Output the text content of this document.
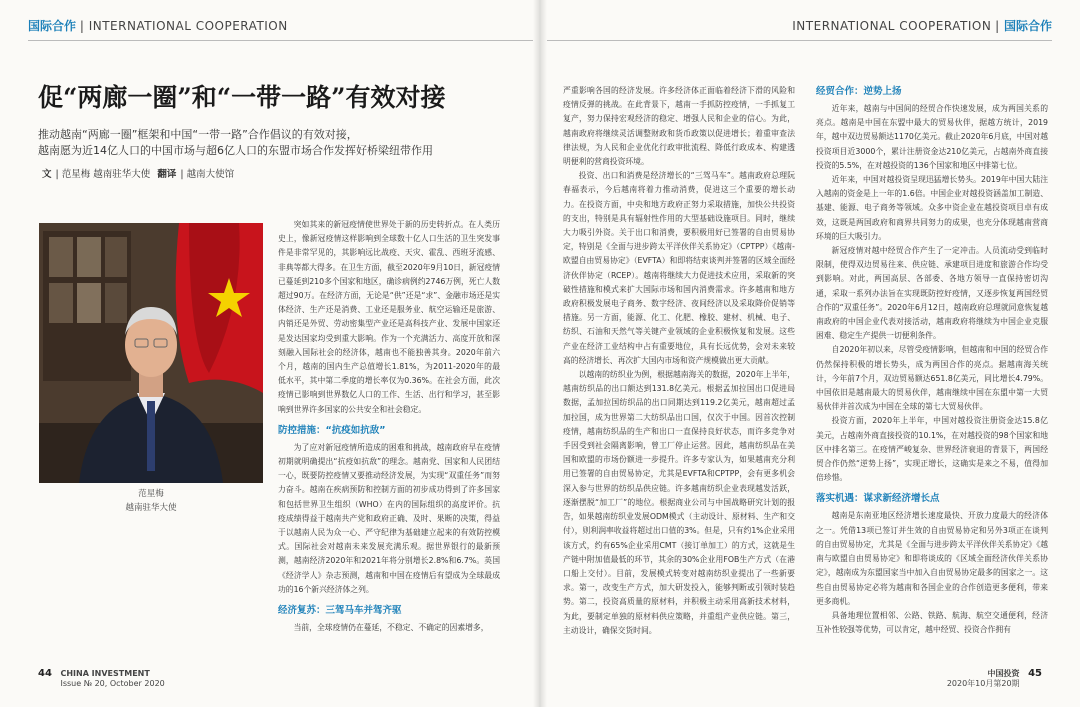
国际合作 | INTERNATIONAL COOPERATION	INTERNATIONAL COOPERATION | 国际合作
促“两廊一圈”和“一带一路”有效对接
推动越南“两廊一圈”框架和中国“一带一路”合作倡议的有效对接，
越南愿为近14亿人口的中国市场与超6亿人口的东盟市场合作发挥好桥梁纽带作用
文 | 范星梅 越南驻华大使 翻译 | 越南大使馆
范星梅
越南驻华大使

突如其来的新冠疫情使世界处于新的历史转折点。在人类历史上，像新冠疫情这样影响到全球数十亿人口生活的卫生突发事件是非常罕见的，其影响远比战疫、天灾、霍乱、西班牙流感、非典等都大得多。在卫生方面，截至2020年9月10日，新冠疫情已蔓延到210多个国家和地区，确诊病例约2746万例，死亡人数超过90万。在经济方面，无论是“供”还是“求”、金融市场还是实体经济、生产还是消费、工业还是服务业、航空运输还是旅游、内销还是外贸、劳动密集型产业还是高科技产业、发展中国家还是发达国家均受到重大影响。作为一个充满活力、高度开放和深刻融入国际社会的经济体，越南也不能独善其身。2020年前六个月，越南的国内生产总值增长1.81%，为2011-2020年的最低水平，其中第二季度的增长率仅为0.36%。在社会方面，此次疫情已影响到世界数亿人口的工作、生活、出行和学习，甚至影响到世界许多国家的公共安全和社会稳定。

防控措施：“抗疫如抗敌”

为了应对新冠疫情所造成的困难和挑战，越南政府早在疫情初期就明确提出“抗疫如抗敌”的理念。越南党、国家和人民团结一心，既要防控疫情又要推动经济发展，为实现“双重任务”而努力奋斗。越南在疾病预防和控制方面的初步成功得到了许多国家和包括世界卫生组织（WHO）在内的国际组织的高度评价。抗疫成绩得益于越南共产党和政府正确、及时、果断的决策，得益于以越南人民为众一心、严守纪律为基础建立起来的有效防控模式。国际社会对越南未来发展充满乐观。据世界银行的最新预测，越南经济2020年和2021年将分别增长2.8%和6.7%。英国《经济学人》杂志预测，越南和中国在疫情后有望成为全球最成功的16个新兴经济体之列。

经济复苏：三驾马车并驾齐驱

当前，全球疫情仍在蔓延，不稳定、不确定的因素增多，

严重影响各国的经济发展。许多经济体正面临着经济下滑的风险和疫情反弹的挑战。在此背景下，越南一手抓防控疫情，一手抓复工复产，努力保持宏观经济的稳定、增强人民和企业的信心。为此，越南政府将继续灵活调整财政和货币政策以促进增长；着重审查法律法规，为人民和企业优化行政审批流程、降低行政成本、构建透明便利的营商投资环境。

投资、出口和消费是经济增长的“三驾马车”。越南政府总理阮春福表示，今后越南将着力推动消费，促进这三个重要的增长动力。在投资方面，中央和地方政府正努力采取措施，加快公共投资的支出，特别是具有辐射性作用的大型基础设施项目。同时，继续大力吸引外资。关于出口和消费，要积极用好已签署的自由贸易协定，特别是《全面与进步跨太平洋伙伴关系协定》（CPTPP）《越南-欧盟自由贸易协定》（EVFTA）和即将结束谈判并签署的区域全面经济伙伴协定（RCEP）。越南将继续大力促进技术应用，采取新的突破性措施和模式来扩大国际市场和国内消费需求。许多越南和地方政府积极发展电子商务、数字经济、夜间经济以及采取降价促销等措施。另一方面，能源、化工、化肥、橡胶、建材、机械、电子、纺织、石油和天然气等关键产业领域的企业积极恢复和发展。这些产业在经济工业结构中占有重要地位，具有长远优势，会对未来较高的经济增长、再次扩大国内市场和资产规模做出更大贡献。

以越南的纺织业为例，根据越南海关的数据，2020年上半年，越南纺织品的出口额达到131.8亿美元。根据孟加拉国出口促进局数据，孟加拉国纺织品的出口同期达到119.2亿美元，越南超过孟加拉国，成为世界第二大纺织品出口国，仅次于中国。因首次控制疫情，越南纺织品的生产和出口一直保持良好状态，而许多竞争对手因受到社会隔离影响，曾工厂停止运营。因此，越南纺织品在美国和欧盟的市场份额进一步提升。许多专家认为，如果越南充分利用已签署的自由贸易协定，尤其是EVFTA和CPTPP，会有更多机会深入参与世界的纺织品供应链。许多越南纺织企业表现越发活跃，逐渐摆脱“加工厂”的地位。根据商业公司与中国战略研究计划的报告，如果越南纺织业发展ODM模式（主动设计、原材料、生产和交付），则利润率收益将超过出口值的3%。但是，只有约1%企业采用该方式，约有65%企业采用CMT（接订单加工）的方式，这就是生产链中附加值最低的环节，其余的30%企业用FOB生产方式（在港口船上交付）。目前，发展模式转变对越南纺织业提出了一些新要求。第一，改变生产方式，加大研发投入，能够判断或引领时装趋势。第二，投资高质量的原材料，并积极主动采用高新技术材料，为此，要制定单独的原材料供应策略，并重组产业供应链。第三，主动设计，确保交货时间。

经贸合作：逆势上扬

近年来，越南与中国间的经贸合作快速发展，成为两国关系的亮点。越南是中国在东盟中最大的贸易伙伴，据越方统计，2019年，越中双边贸易额达1170亿美元。截止2020年6月底，中国对越投资项目近3000个，累计注册资金达210亿美元，占越南外商直接投资的5.5%，在对越投资的136个国家和地区中排第七位。

近年来，中国对越投资呈现迅猛增长势头。2019年中国大陆注入越南的资金是上一年的1.6倍。中国企业对越投资涵盖加工制造、基建、能源、电子商务等领域。众多中资企业在越投资项目卓有成效，这既是两国政府和商界共同努力的成果，也充分体现越南营商环境的巨大吸引力。

新冠疫情对越中经贸合作产生了一定冲击。人员流动受到临时限制，使得双边贸易往来、供应链、承建项目进度和旅游合作均受到影响。对此，两国高层、各部委、各地方领导一直保持密切沟通，采取一系列办法旨在实现既防控好疫情，又逐步恢复两国经贸合作的“双重任务”。2020年6月12日，越南政府总理就同意恢复越南政府的中国企业代表对接活动，越南政府将继续为中国企业克服困难、稳定生产提供一切便利条件。

自2020年初以来，尽管受疫情影响，但越南和中国的经贸合作仍然保持积极的增长势头，成为两国合作的亮点。据越南海关统计，今年前7个月，双边贸易额达651.8亿美元，同比增长4.79%。中国依旧是越南最大的贸易伙伴，越南继续中国在东盟中第一大贸易伙伴并首次成为中国在全球的第七大贸易伙伴。

投资方面，2020年上半年，中国对越投资注册资金达15.8亿美元，占越南外商直接投资的10.1%，在对越投资的98个国家和地区中排名第三。在疫情严峻复杂、世界经济衰退的背景下，两国经贸合作仍然“逆势上扬”，实现正增长，这确实是来之不易，值得加倍珍惜。

落实机遇：谋求新经济增长点

越南是东南亚地区经济增长速度最快、开放力度最大的经济体之一。凭借13项已签订并生效的自由贸易协定和另外3项正在谈判的自由贸易协定，尤其是《全面与进步跨太平洋伙伴关系协定》《越南与欧盟自由贸易协定》和即将谈成的《区域全面经济伙伴关系协定》，越南成为东盟国家当中加入自由贸易协定最多的国家之一。这些自由贸易协定必将为越南和各国企业的合作创造更多便利，带来更多商机。

具备地理位置相邻、公路、铁路、航海、航空交通便利，经济互补性较强等优势，可以肯定，越中经贸、投资合作拥有

44 CHINA INVESTMENT
Issue № 20, October 2020
中国投资
2020年10月第20期
45
